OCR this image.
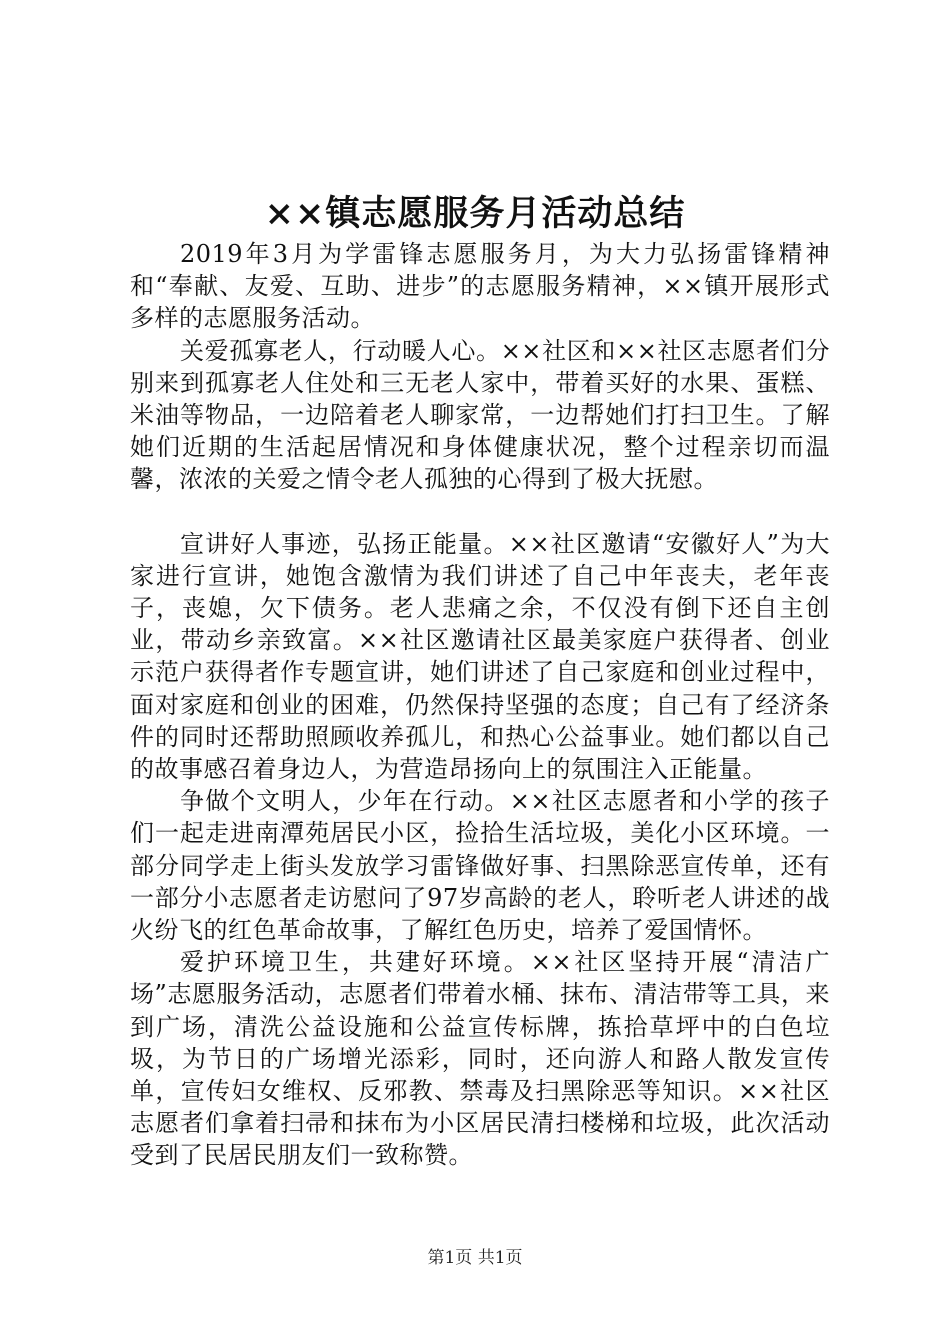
××镇志愿服务月活动总结

2019年3月为学雷锋志愿服务月，为大力弘扬雷锋精神和“奉献、友爱、互助、进步”的志愿服务精神，××镇开展形式多样的志愿服务活动。

关爱孤寡老人，行动暖人心。××社区和××社区志愿者们分别来到孤寡老人住处和三无老人家中，带着买好的水果、蛋糕、米油等物品，一边陪着老人聊家常，一边帮她们打扫卫生。了解她们近期的生活起居情况和身体健康状况，整个过程亲切而温馨，浓浓的关爱之情令老人孤独的心得到了极大抚慰。

宣讲好人事迹，弘扬正能量。××社区邀请“安徽好人”为大家进行宣讲，她饱含激情为我们讲述了自己中年丧夫，老年丧子，丧媳，欠下债务。老人悲痛之余，不仅没有倒下还自主创业，带动乡亲致富。××社区邀请社区最美家庭户获得者、创业示范户获得者作专题宣讲，她们讲述了自己家庭和创业过程中，面对家庭和创业的困难，仍然保持坚强的态度；自己有了经济条件的同时还帮助照顾收养孤儿，和热心公益事业。她们都以自己的故事感召着身边人，为营造昂扬向上的氛围注入正能量。

争做个文明人，少年在行动。××社区志愿者和小学的孩子们一起走进南潭苑居民小区，捡拾生活垃圾，美化小区环境。一部分同学走上街头发放学习雷锋做好事、扫黑除恶宣传单，还有一部分小志愿者走访慰问了97岁高龄的老人，聆听老人讲述的战火纷飞的红色革命故事，了解红色历史，培养了爱国情怀。

爱护环境卫生，共建好环境。××社区坚持开展“清洁广场”志愿服务活动，志愿者们带着水桶、抹布、清洁带等工具，来到广场，清洗公益设施和公益宣传标牌，拣拾草坪中的白色垃圾，为节日的广场增光添彩，同时，还向游人和路人散发宣传单，宣传妇女维权、反邪教、禁毒及扫黑除恶等知识。××社区志愿者们拿着扫帚和抹布为小区居民清扫楼梯和垃圾，此次活动受到了民居民朋友们一致称赞。

第1页 共1页
